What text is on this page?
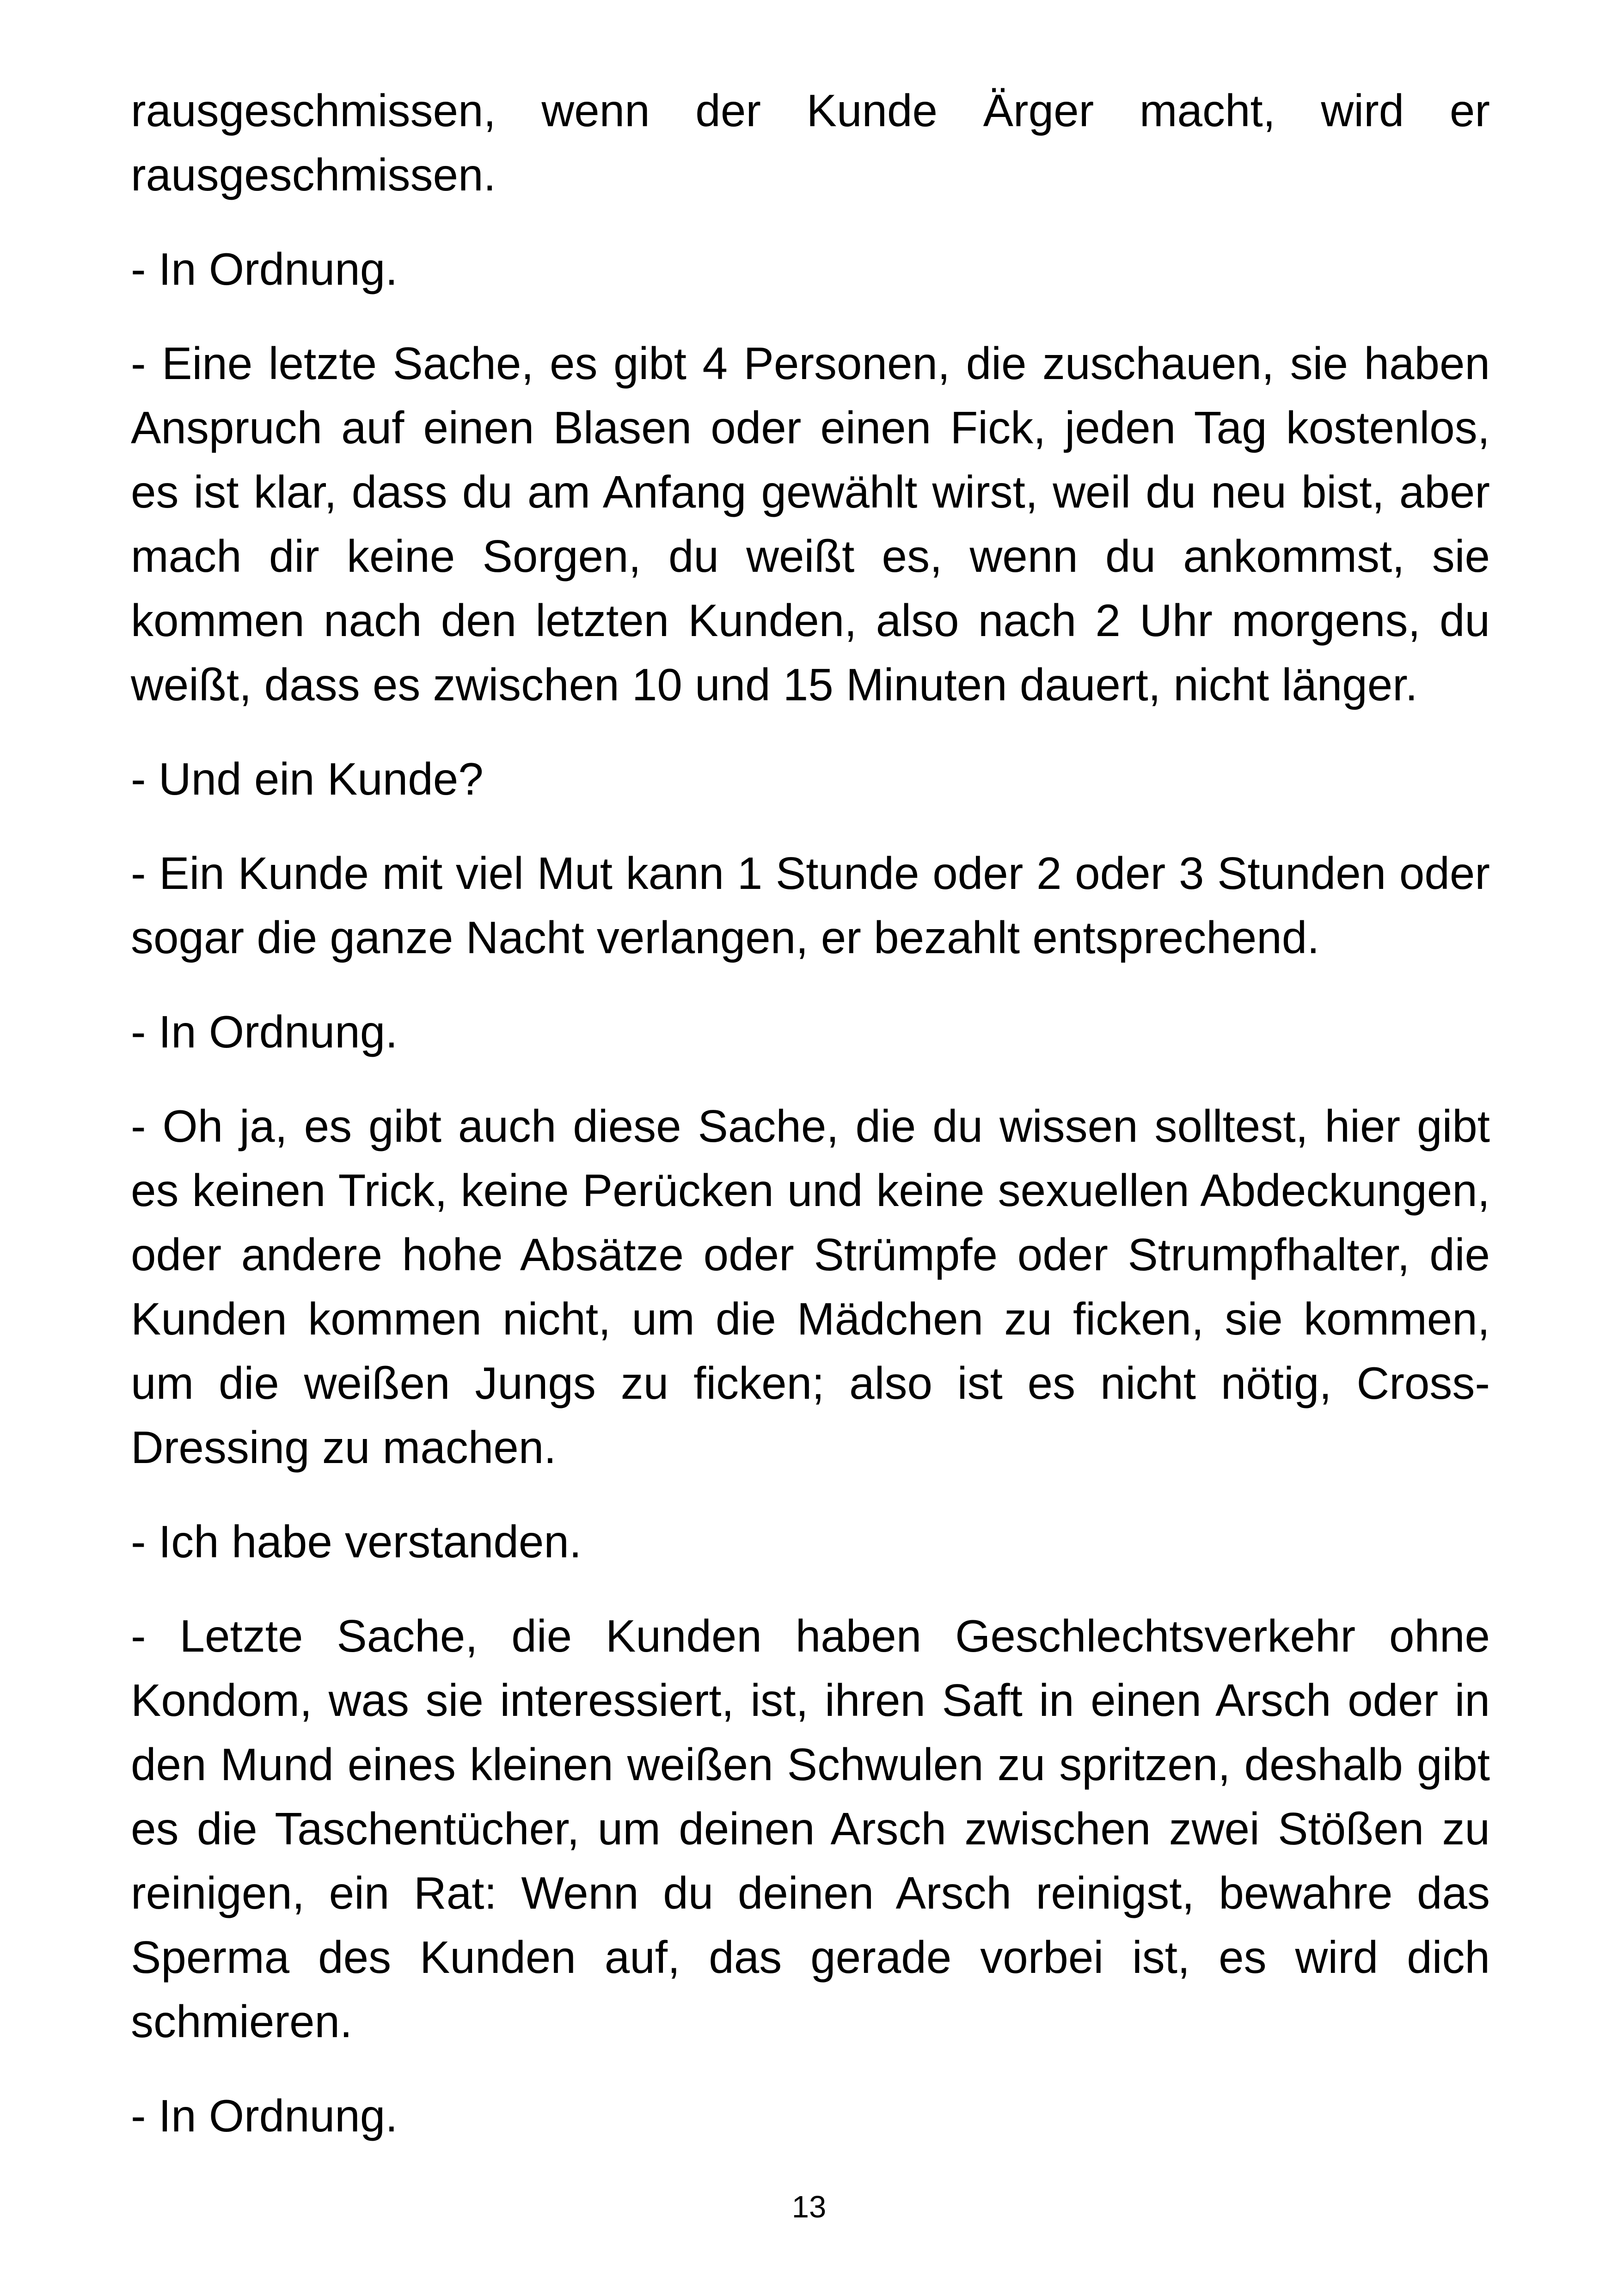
rausgeschmissen, wenn der Kunde Ärger macht, wird er rausgeschmissen.

- In Ordnung.

- Eine letzte Sache, es gibt 4 Personen, die zuschauen, sie haben Anspruch auf einen Blasen oder einen Fick, jeden Tag kostenlos, es ist klar, dass du am Anfang gewählt wirst, weil du neu bist, aber mach dir keine Sorgen, du weißt es, wenn du ankommst, sie kommen nach den letzten Kunden, also nach 2 Uhr morgens, du weißt, dass es zwischen 10 und 15 Minuten dauert, nicht länger.

- Und ein Kunde?

- Ein Kunde mit viel Mut kann 1 Stunde oder 2 oder 3 Stunden oder sogar die ganze Nacht verlangen, er bezahlt entsprechend.

- In Ordnung.

- Oh ja, es gibt auch diese Sache, die du wissen solltest, hier gibt es keinen Trick, keine Perücken und keine sexuellen Abdeckungen, oder andere hohe Absätze oder Strümpfe oder Strumpfhalter, die Kunden kommen nicht, um die Mädchen zu ficken, sie kommen, um die weißen Jungs zu ficken; also ist es nicht nötig, Cross-Dressing zu machen.

- Ich habe verstanden.

- Letzte Sache, die Kunden haben Geschlechtsverkehr ohne Kondom, was sie interessiert, ist, ihren Saft in einen Arsch oder in den Mund eines kleinen weißen Schwulen zu spritzen, deshalb gibt es die Taschentücher, um deinen Arsch zwischen zwei Stößen zu reinigen, ein Rat: Wenn du deinen Arsch reinigst, bewahre das Sperma des Kunden auf, das gerade vorbei ist, es wird dich schmieren.

- In Ordnung.

13
